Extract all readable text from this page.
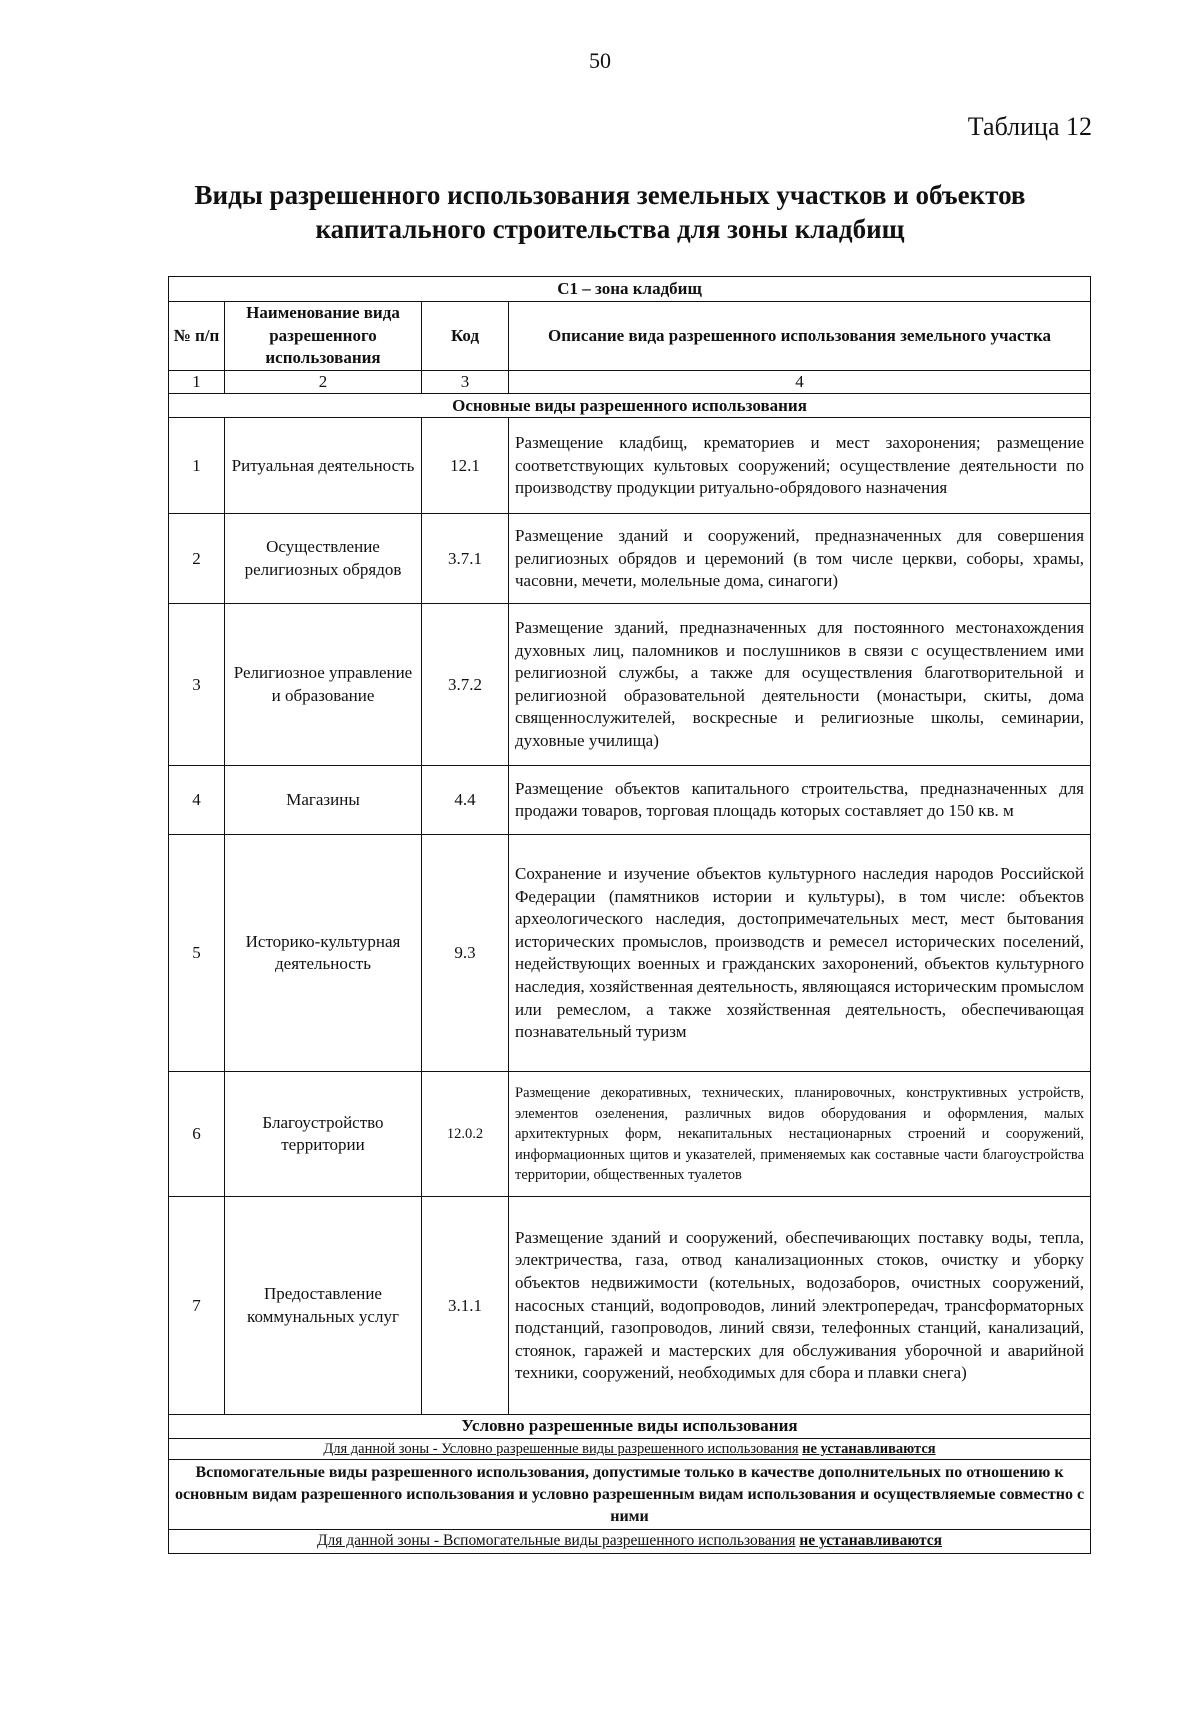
50
Таблица 12
Виды разрешенного использования земельных участков и объектов
капитального строительства для зоны кладбищ
С1 – зона кладбищ			
№ п/п	Наименование вида разрешенного использования	Код	Описание вида разрешенного использования земельного участка
1	2	3	4
Основные виды разрешенного использования			
1	Ритуальная деятельность	12.1	Размещение кладбищ, крематориев и мест захоронения; размещение соответствующих культовых сооружений; осуществление деятельности по производству продукции ритуально-обрядового назначения
2	Осуществление религиозных обрядов	3.7.1	Размещение зданий и сооружений, предназначенных для совершения религиозных обрядов и церемоний (в том числе церкви, соборы, храмы, часовни, мечети, молельные дома, синагоги)
3	Религиозное управление и образование	3.7.2	Размещение зданий, предназначенных для постоянного местонахождения духовных лиц, паломников и послушников в связи с осуществлением ими религиозной службы, а также для осуществления благотворительной и религиозной образовательной деятельности (монастыри, скиты, дома священнослужителей, воскресные и религиозные школы, семинарии, духовные училища)
4	Магазины	4.4	Размещение объектов капитального строительства, предназначенных для продажи товаров, торговая площадь которых составляет до 150 кв. м
5	Историко-культурная деятельность	9.3	Сохранение и изучение объектов культурного наследия народов Российской Федерации (памятников истории и культуры), в том числе: объектов археологического наследия, достопримечательных мест, мест бытования исторических промыслов, производств и ремесел исторических поселений, недействующих военных и гражданских захоронений, объектов культурного наследия, хозяйственная деятельность, являющаяся историческим промыслом или ремеслом, а также хозяйственная деятельность, обеспечивающая познавательный туризм
6	Благоустройство территории	12.0.2	Размещение декоративных, технических, планировочных, конструктивных устройств, элементов озеленения, различных видов оборудования и оформления, малых архитектурных форм, некапитальных нестационарных строений и сооружений, информационных щитов и указателей, применяемых как составные части благоустройства территории, общественных туалетов
7	Предоставление коммунальных услуг	3.1.1	Размещение зданий и сооружений, обеспечивающих поставку воды, тепла, электричества, газа, отвод канализационных стоков, очистку и уборку объектов недвижимости (котельных, водозаборов, очистных сооружений, насосных станций, водопроводов, линий электропередач, трансформаторных подстанций, газопроводов, линий связи, телефонных станций, канализаций, стоянок, гаражей и мастерских для обслуживания уборочной и аварийной техники, сооружений, необходимых для сбора и плавки снега)
Условно разрешенные виды использования			
Для данной зоны - Условно разрешенные виды разрешенного использования не устанавливаются			
Вспомогательные виды разрешенного использования, допустимые только в качестве дополнительных по отношению к основным видам разрешенного использования и условно разрешенным видам использования и осуществляемые совместно с ними			
Для данной зоны - Вспомогательные виды разрешенного использования не устанавливаются			
